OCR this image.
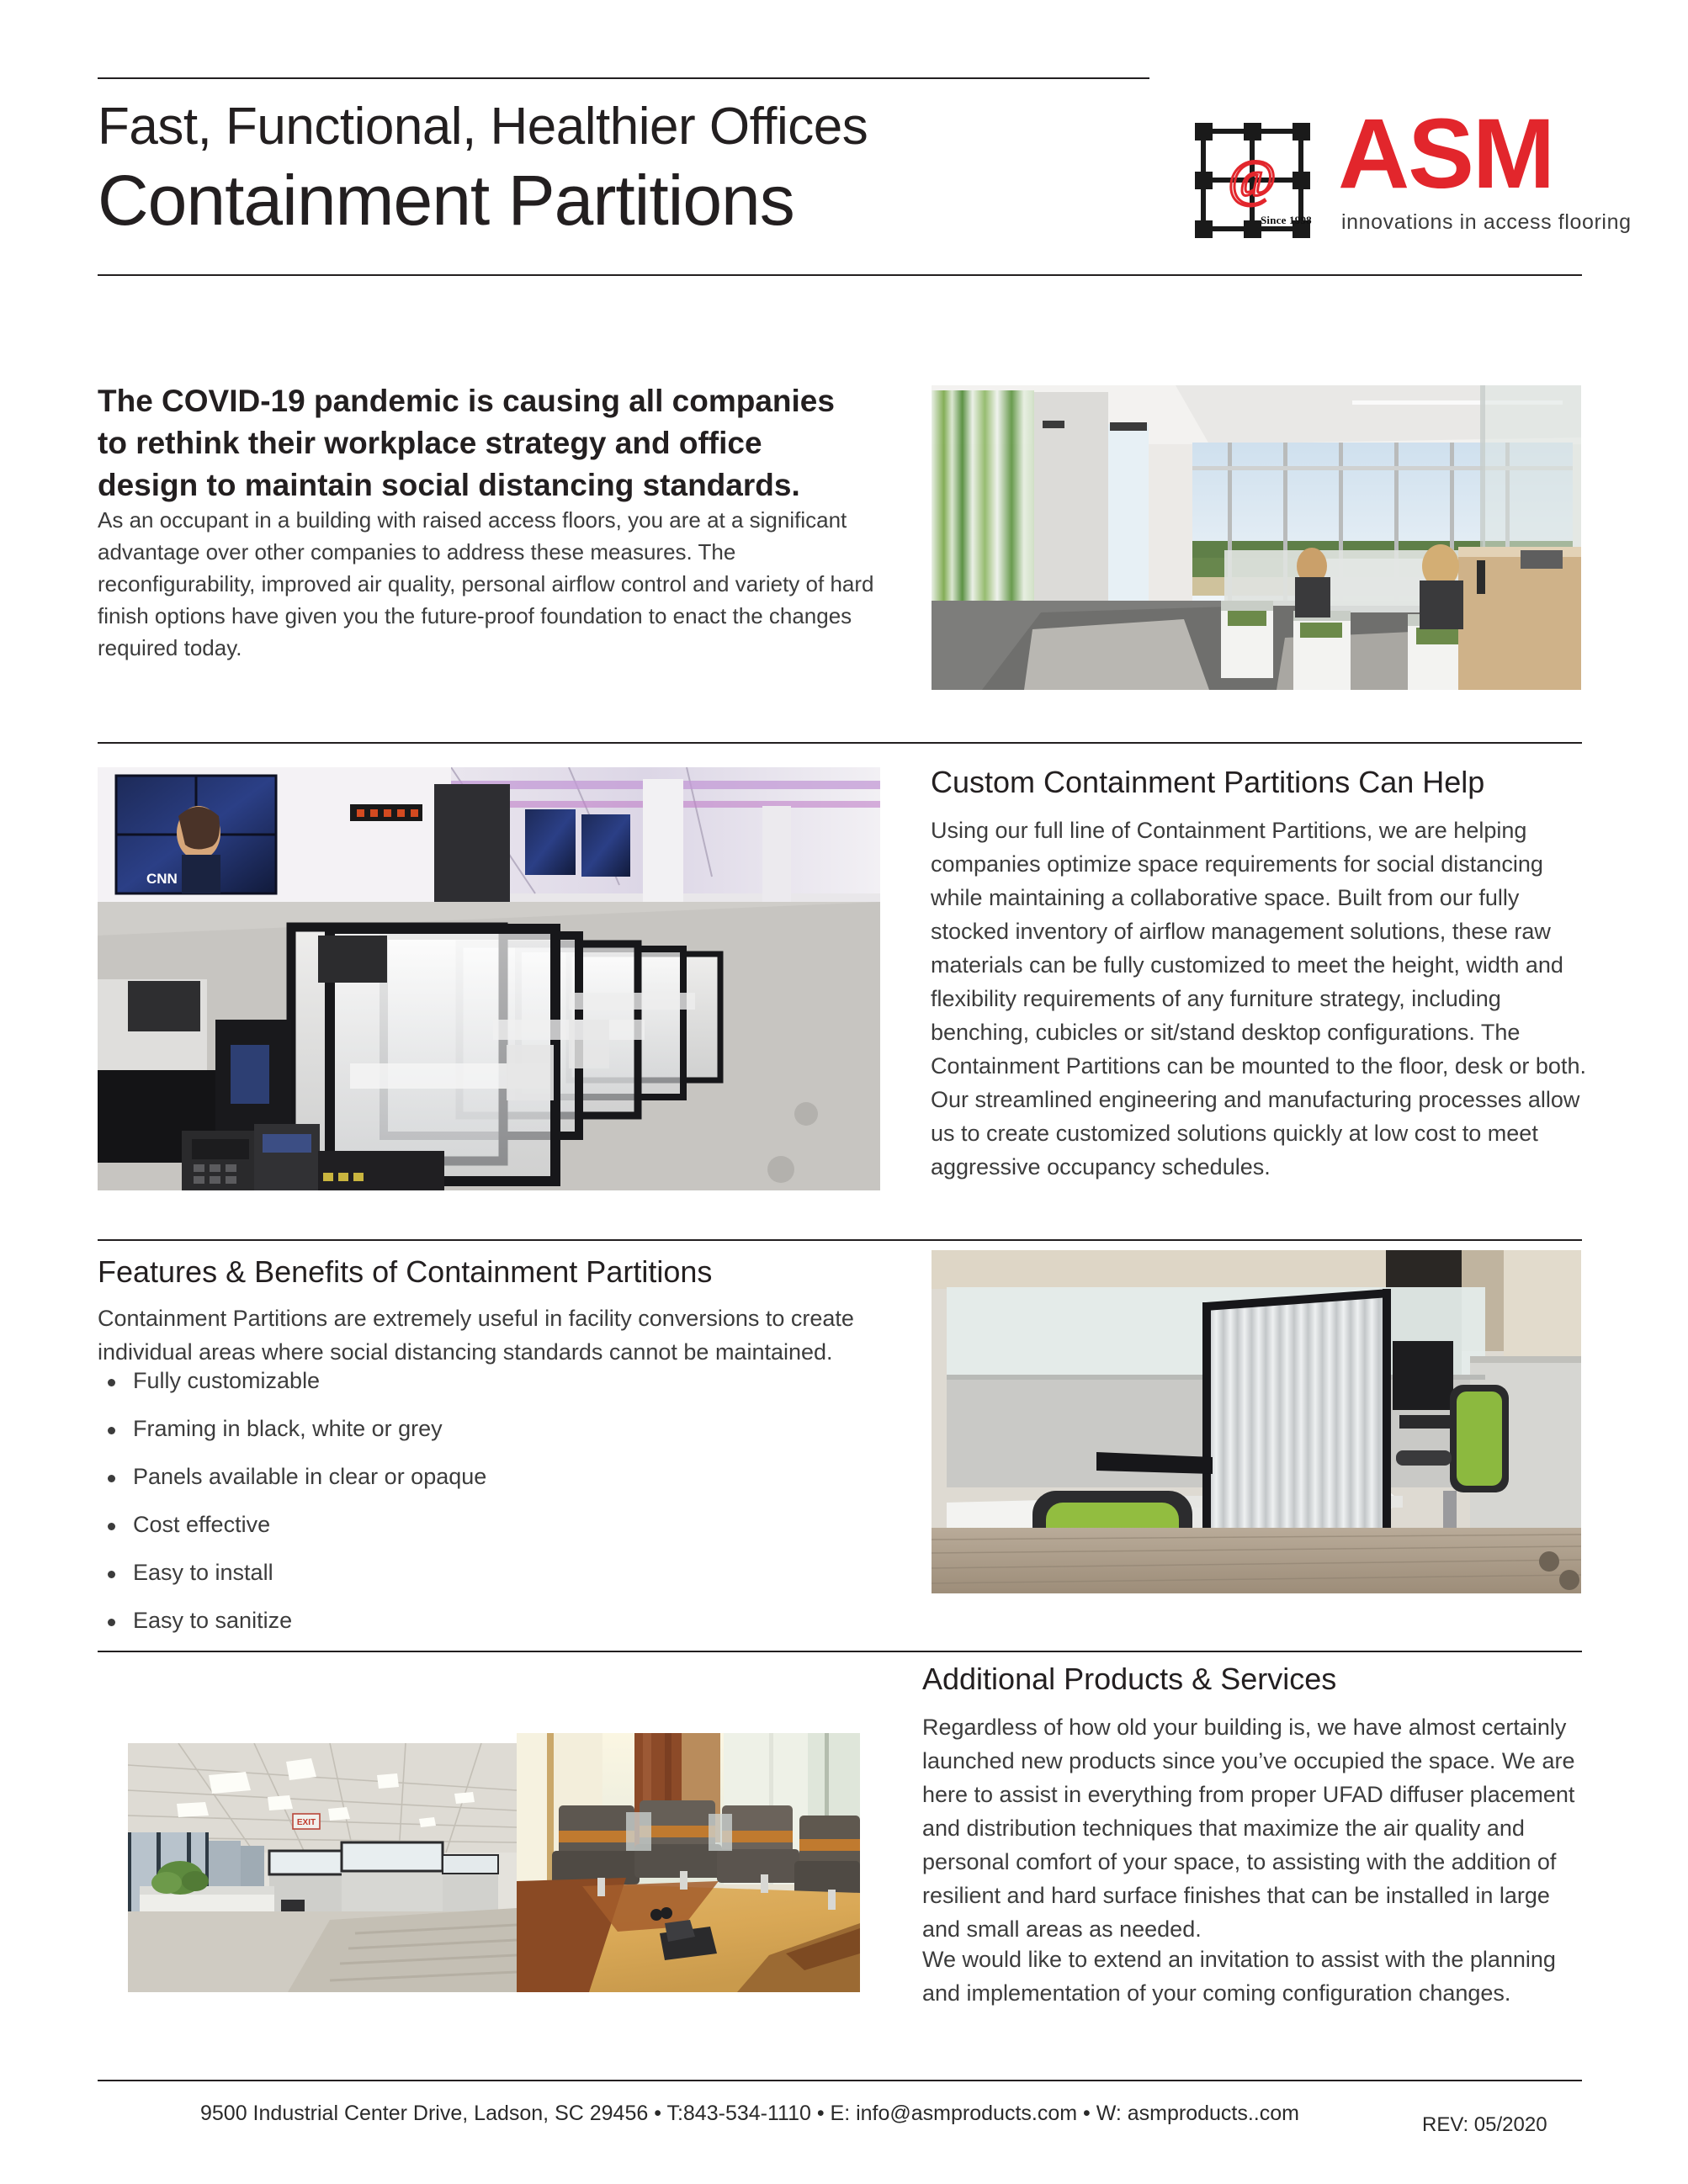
Fast, Functional, Healthier Offices
Containment Partitions	@
Since 1998
ASM
innovations in access flooring
The COVID-19 pandemic is causing all companies to rethink their workplace strategy and office design to maintain social distancing standards.
As an occupant in a building with raised access floors, you are at a significant advantage over other companies to address these measures. The reconfigurability, improved air quality, personal airflow control and variety of hard finish options have given you the future-proof foundation to enact the changes required today.
CNN
Custom Containment Partitions Can Help
Using our full line of Containment Partitions, we are helping companies optimize space requirements for social distancing while maintaining a collaborative space. Built from our fully stocked inventory of airflow management solutions, these raw materials can be fully customized to meet the height, width and flexibility requirements of any furniture strategy, including benching, cubicles or sit/stand desktop configurations. The Containment Partitions can be mounted to the floor, desk or both. Our streamlined engineering and manufacturing processes allow us to create customized solutions quickly at low cost to meet aggressive occupancy schedules.
Features & Benefits of Containment Partitions
Containment Partitions are extremely useful in facility conversions to create individual areas where social distancing standards cannot be maintained.
Fully customizable
Framing in black, white or grey
Panels available in clear or opaque
Cost effective
Easy to install
Easy to sanitize
Additional Products & Services
Regardless of how old your building is, we have almost certainly launched new products since you’ve occupied the space. We are here to assist in everything from proper UFAD diffuser placement and distribution techniques that maximize the air quality and personal comfort of your space, to assisting with the addition of resilient and hard surface finishes that can be installed in large and small areas as needed.
We would like to extend an invitation to assist with the planning and implementation of your coming configuration changes.
EXIT
9500 Industrial Center Drive, Ladson, SC 29456 • T:843-534-1110 • E: info@asmproducts.com • W: asmproducts..com	REV: 05/2020
